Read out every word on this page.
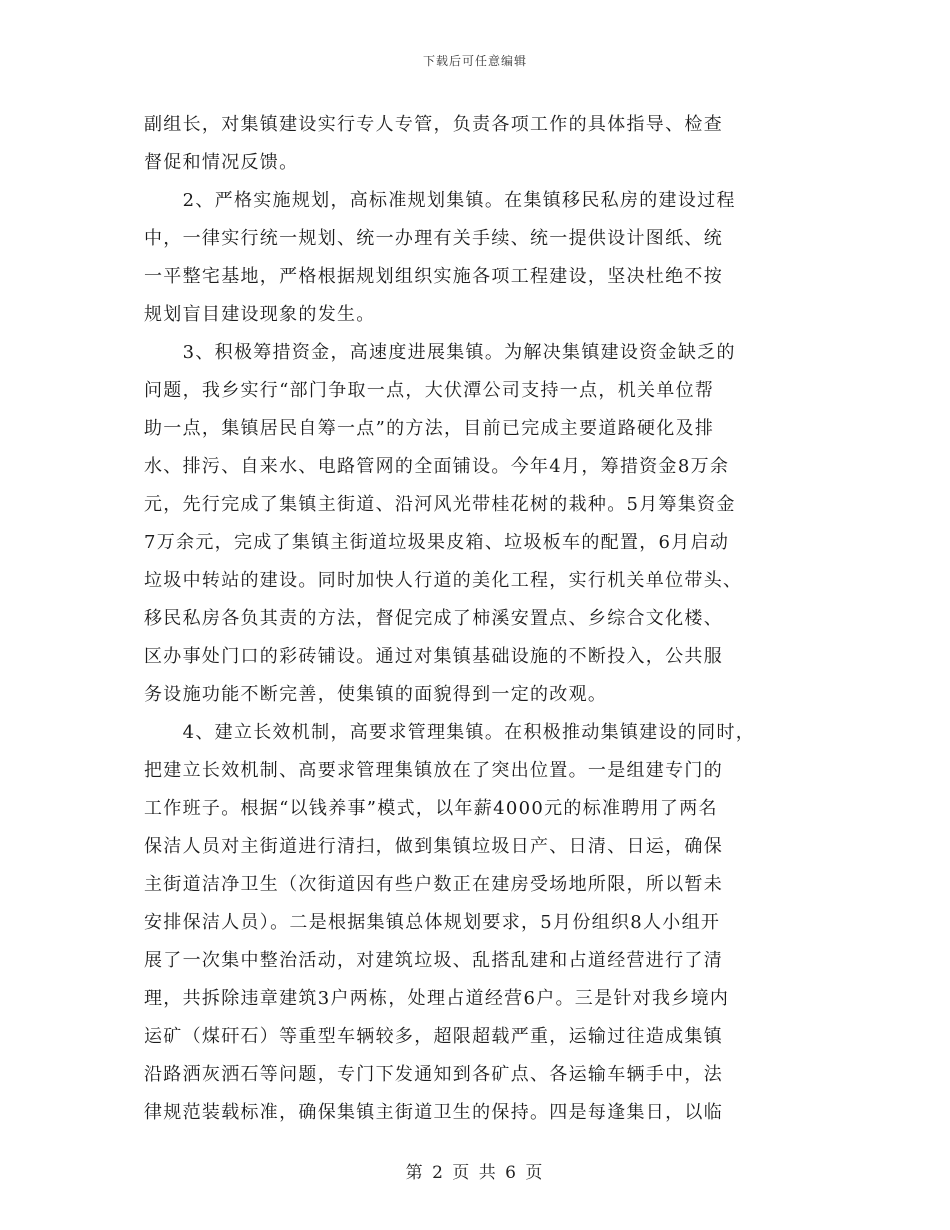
下载后可任意编辑
副组长，对集镇建设实行专人专管，负责各项工作的具体指导、检查
督促和情况反馈。
　　2、严格实施规划，高标准规划集镇。在集镇移民私房的建设过程
中，一律实行统一规划、统一办理有关手续、统一提供设计图纸、统
一平整宅基地，严格根据规划组织实施各项工程建设，坚决杜绝不按
规划盲目建设现象的发生。
　　3、积极筹措资金，高速度进展集镇。为解决集镇建设资金缺乏的
问题，我乡实行“部门争取一点，大伏潭公司支持一点，机关单位帮
助一点，集镇居民自筹一点”的方法，目前已完成主要道路硬化及排
水、排污、自来水、电路管网的全面铺设。今年4月，筹措资金8万余
元，先行完成了集镇主街道、沿河风光带桂花树的栽种。5月筹集资金
7万余元，完成了集镇主街道垃圾果皮箱、垃圾板车的配置，6月启动
垃圾中转站的建设。同时加快人行道的美化工程，实行机关单位带头、
移民私房各负其责的方法，督促完成了柿溪安置点、乡综合文化楼、
区办事处门口的彩砖铺设。通过对集镇基础设施的不断投入，公共服
务设施功能不断完善，使集镇的面貌得到一定的改观。
　　4、建立长效机制，高要求管理集镇。在积极推动集镇建设的同时，
把建立长效机制、高要求管理集镇放在了突出位置。一是组建专门的
工作班子。根据“以钱养事”模式，以年薪4000元的标准聘用了两名
保洁人员对主街道进行清扫，做到集镇垃圾日产、日清、日运，确保
主街道洁净卫生（次街道因有些户数正在建房受场地所限，所以暂未
安排保洁人员）。二是根据集镇总体规划要求，5月份组织8人小组开
展了一次集中整治活动，对建筑垃圾、乱搭乱建和占道经营进行了清
理，共拆除违章建筑3户两栋，处理占道经营6户。三是针对我乡境内
运矿（煤矸石）等重型车辆较多，超限超载严重，运输过往造成集镇
沿路洒灰洒石等问题，专门下发通知到各矿点、各运输车辆手中，法
律规范装载标准，确保集镇主街道卫生的保持。四是每逢集日，以临
第 2 页 共 6 页
